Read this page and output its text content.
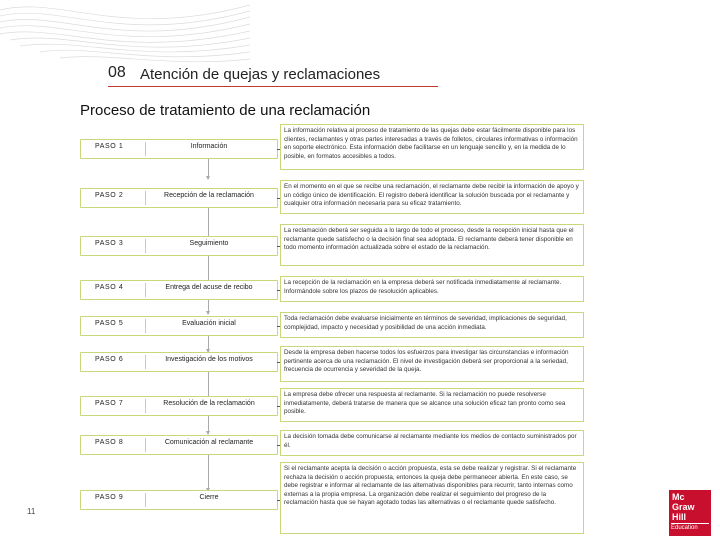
08 Atención de quejas y reclamaciones
Proceso de tratamiento de una reclamación
PASO 1	Información

La información relativa al proceso de tratamiento de las quejas debe estar fácilmente disponible para los clientes, reclamantes y otras partes interesadas a través de folletos, circulares informativas o información en soporte electrónico. Esta información debe facilitarse en un lenguaje sencillo y, en la medida de lo posible, en formatos accesibles a todos.

PASO 2	Recepción de la reclamación

En el momento en el que se recibe una reclamación, el reclamante debe recibir la información de apoyo y un código único de identificación. El registro deberá identificar la solución buscada por el reclamante y cualquier otra información necesaria para su eficaz tratamiento.

PASO 3	Seguimiento

La reclamación deberá ser seguida a lo largo de todo el proceso, desde la recepción inicial hasta que el reclamante quede satisfecho o la decisión final sea adoptada. El reclamante deberá tener disponible en todo momento información actualizada sobre el estado de la reclamación.

PASO 4	Entrega del acuse de recibo

La recepción de la reclamación en la empresa deberá ser notificada inmediatamente al reclamante. Informándole sobre los plazos de resolución aplicables.

PASO 5	Evaluación inicial

Toda reclamación debe evaluarse inicialmente en términos de severidad, implicaciones de seguridad, complejidad, impacto y necesidad y posibilidad de una acción inmediata.

PASO 6	Investigación de los motivos

Desde la empresa deben hacerse todos los esfuerzos para investigar las circunstancias e información pertinente acerca de una reclamación. El nivel de investigación deberá ser proporcional a la seriedad, frecuencia de ocurrencia y severidad de la queja.

PASO 7	Resolución de la reclamación

La empresa debe ofrecer una respuesta al reclamante. Si la reclamación no puede resolverse inmediatamente, deberá tratarse de manera que se alcance una solución eficaz tan pronto como sea posible.

PASO 8	Comunicación al reclamante

La decisión tomada debe comunicarse al reclamante mediante los medios de contacto suministrados por él.

PASO 9	Cierre

Si el reclamante acepta la decisión o acción propuesta, esta se debe realizar y registrar. Si el reclamante rechaza la decisión o acción propuesta, entonces la queja debe permanecer abierta. En este caso, se debe registrar e informar al reclamante de las alternativas disponibles para recurrir, tanto internas como externas a la propia empresa. La organización debe realizar el seguimiento del progreso de la reclamación hasta que se hayan agotado todas las alternativas o el reclamante quede satisfecho.

11
Mc
Graw
Hill
Education
